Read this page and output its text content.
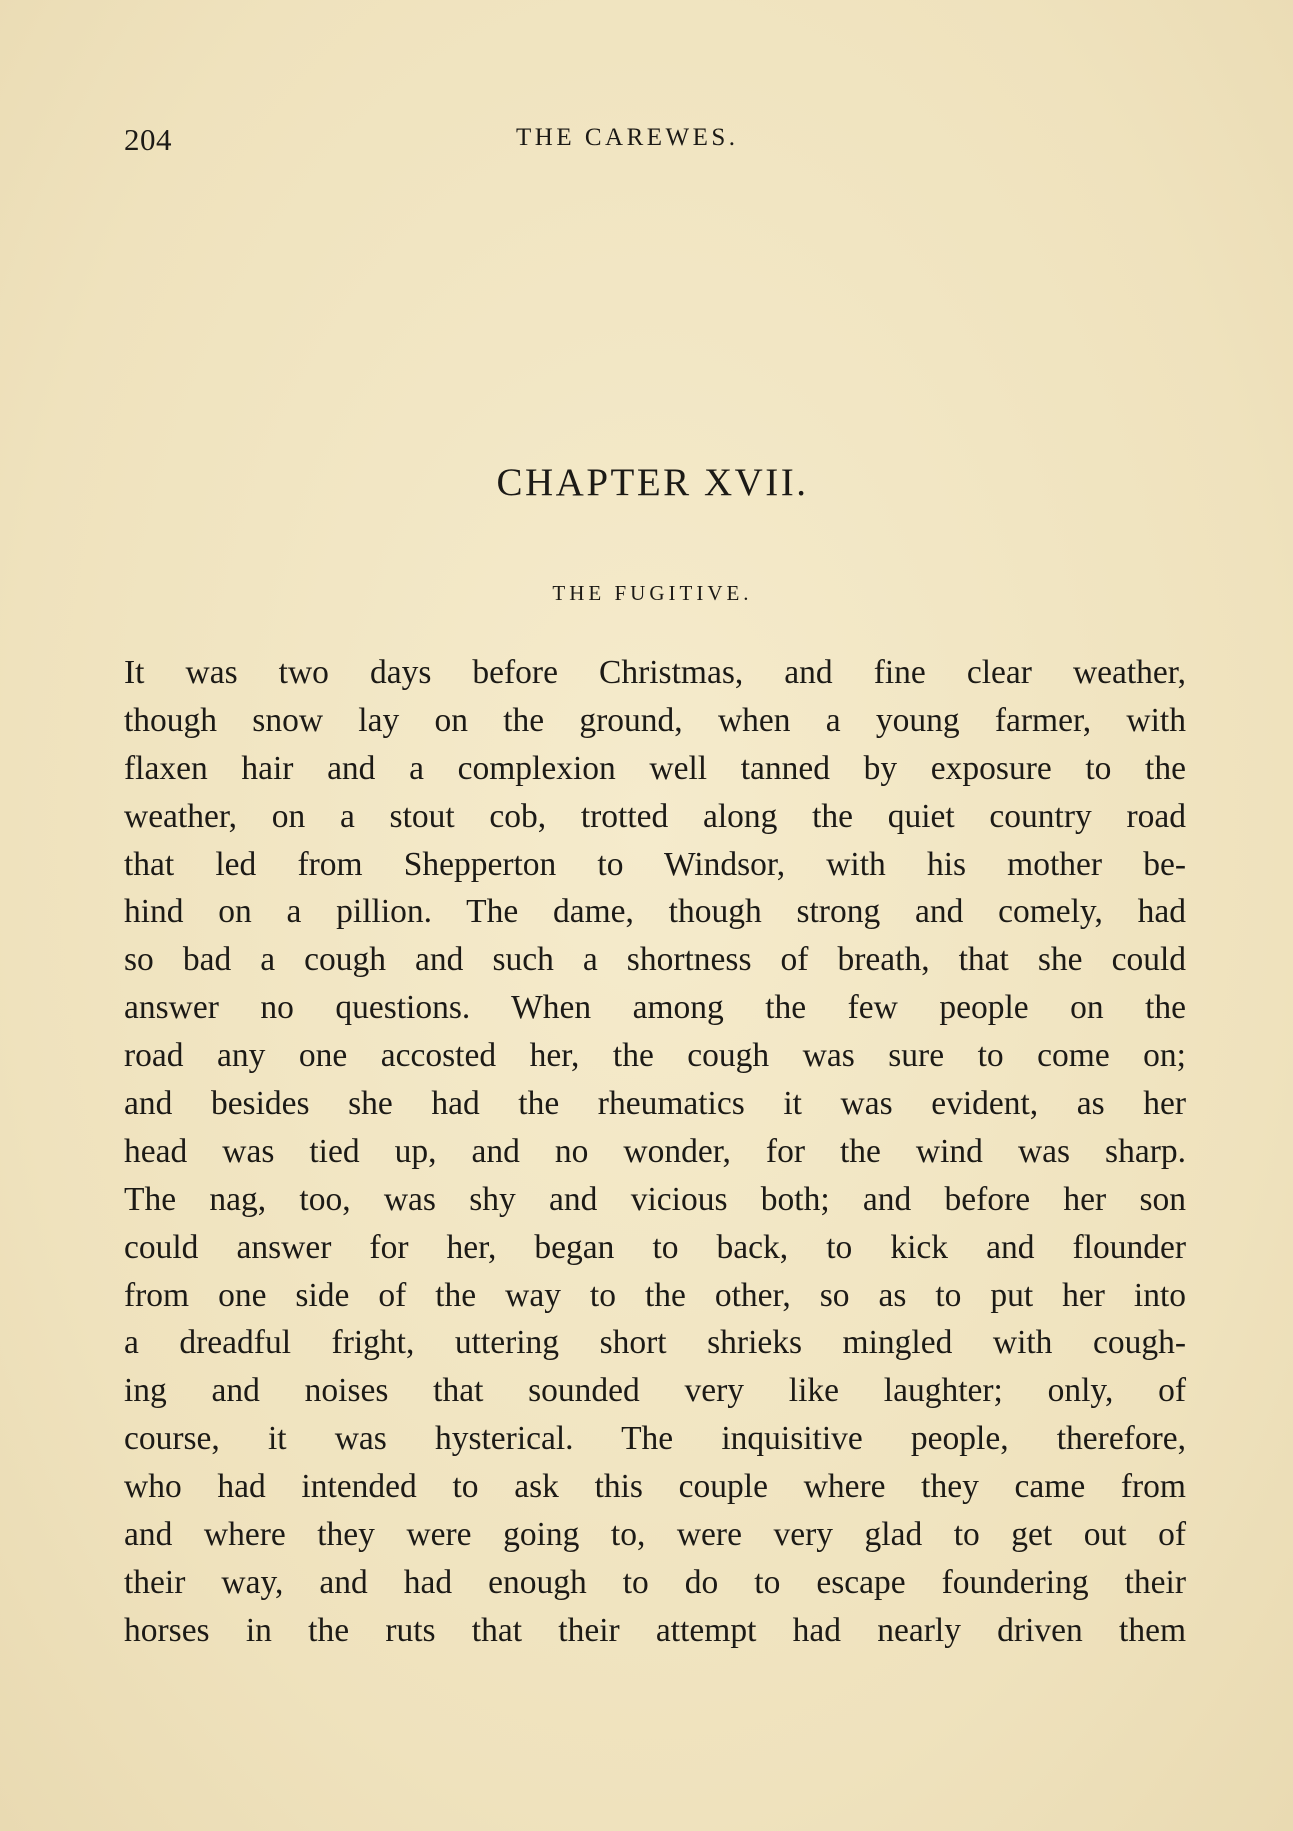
204	THE CAREWES.
CHAPTER XVII.
THE FUGITIVE.
It was two days before Christmas, and fine clear weather,
though snow lay on the ground, when a young farmer, with
flaxen hair and a complexion well tanned by exposure to the
weather, on a stout cob, trotted along the quiet country road
that led from Shepperton to Windsor, with his mother be-
hind on a pillion. The dame, though strong and comely, had
so bad a cough and such a shortness of breath, that she could
answer no questions. When among the few people on the
road any one accosted her, the cough was sure to come on;
and besides she had the rheumatics it was evident, as her
head was tied up, and no wonder, for the wind was sharp.
The nag, too, was shy and vicious both; and before her son
could answer for her, began to back, to kick and flounder
from one side of the way to the other, so as to put her into
a dreadful fright, uttering short shrieks mingled with cough-
ing and noises that sounded very like laughter; only, of
course, it was hysterical. The inquisitive people, therefore,
who had intended to ask this couple where they came from
and where they were going to, were very glad to get out of
their way, and had enough to do to escape foundering their
horses in the ruts that their attempt had nearly driven them
